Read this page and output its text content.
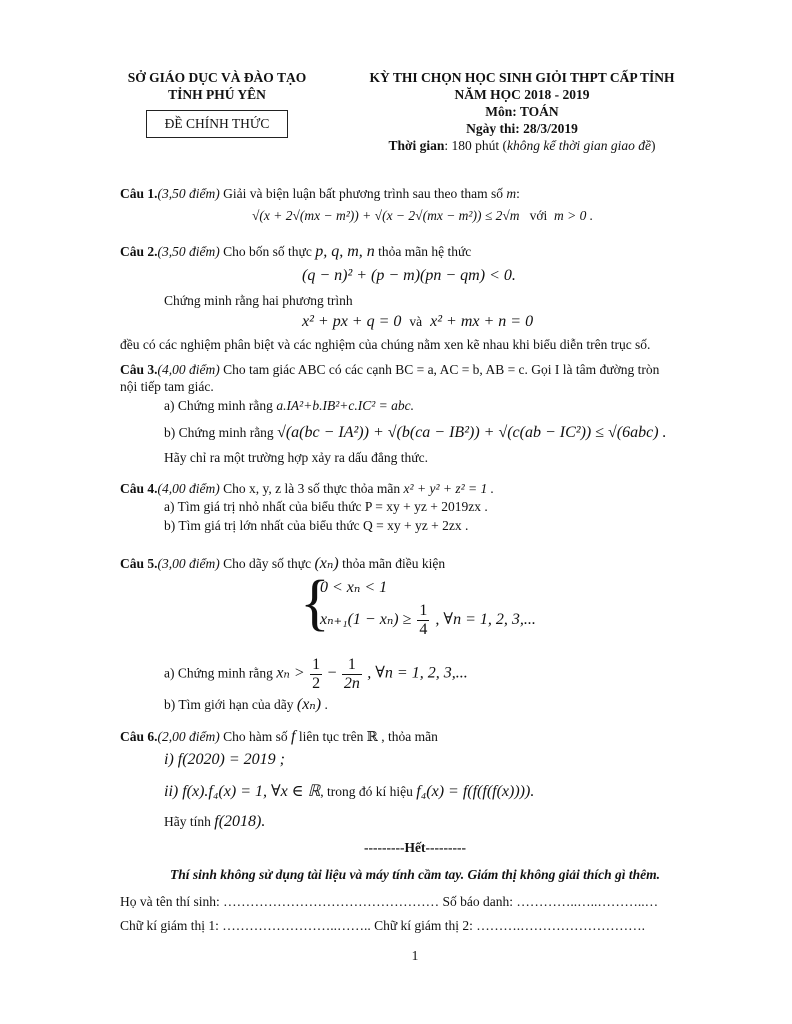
SỞ GIÁO DỤC VÀ ĐÀO TẠO
TỈNH PHÚ YÊN
ĐỀ CHÍNH THỨC
KỲ THI CHỌN HỌC SINH GIỎI THPT CẤP TỈNH
NĂM HỌC 2018 - 2019
Môn: TOÁN
Ngày thi: 28/3/2019
Thời gian: 180 phút (không kể thời gian giao đề)
Câu 1.(3,50 điểm) Giải và biện luận bất phương trình sau theo tham số m:
√(x + 2√(mx − m²)) + √(x − 2√(mx − m²)) ≤ 2√m với m > 0 .
Câu 2.(3,50 điểm) Cho bốn số thực p, q, m, n thỏa mãn hệ thức
(q − n)² + (p − m)(pn − qm) < 0.
Chứng minh rằng hai phương trình
x² + px + q = 0 và x² + mx + n = 0
đều có các nghiệm phân biệt và các nghiệm của chúng nằm xen kẽ nhau khi biểu diễn trên trục số.
Câu 3.(4,00 điểm) Cho tam giác ABC có các cạnh BC = a, AC = b, AB = c. Gọi I là tâm đường tròn
nội tiếp tam giác.
a) Chứng minh rằng a.IA²+b.IB²+c.IC² = abc.
b) Chứng minh rằng √(a(bc − IA²)) + √(b(ca − IB²)) + √(c(ab − IC²)) ≤ √(6abc) .
Hãy chỉ ra một trường hợp xảy ra dấu đẳng thức.
Câu 4.(4,00 điểm) Cho x, y, z là 3 số thực thỏa mãn x² + y² + z² = 1 .
a) Tìm giá trị nhỏ nhất của biểu thức P = xy + yz + 2019zx .
b) Tìm giá trị lớn nhất của biểu thức Q = xy + yz + 2zx .
Câu 5.(3,00 điểm) Cho dãy số thực (xₙ) thỏa mãn điều kiện
{
0 < xₙ < 1
$x_{n+1}(1 - x_n) \ge \frac{1}{4}$ , ∀n = 1, 2, 3,...
a) Chứng minh rằng $x_n > \frac{1}{2} - \frac{1}{2n}$ , ∀n = 1, 2, 3,...
b) Tìm giới hạn của dãy (xₙ) .
Câu 6.(2,00 điểm) Cho hàm số f liên tục trên ℝ , thỏa mãn
i) f(2020) = 2019 ;
ii) f(x).f₄(x) = 1, ∀x ∈ ℝ, trong đó kí hiệu f₄(x) = f(f(f(f(x)))).
Hãy tính f(2018).
---------Hết---------
Thí sinh không sử dụng tài liệu và máy tính cầm tay. Giám thị không giải thích gì thêm.
Họ và tên thí sinh: ………………………………………… Số báo danh: …………..…..………..…
Chữ kí giám thị 1: ……………………..…….. Chữ kí giám thị 2: ……….……………………….
1
